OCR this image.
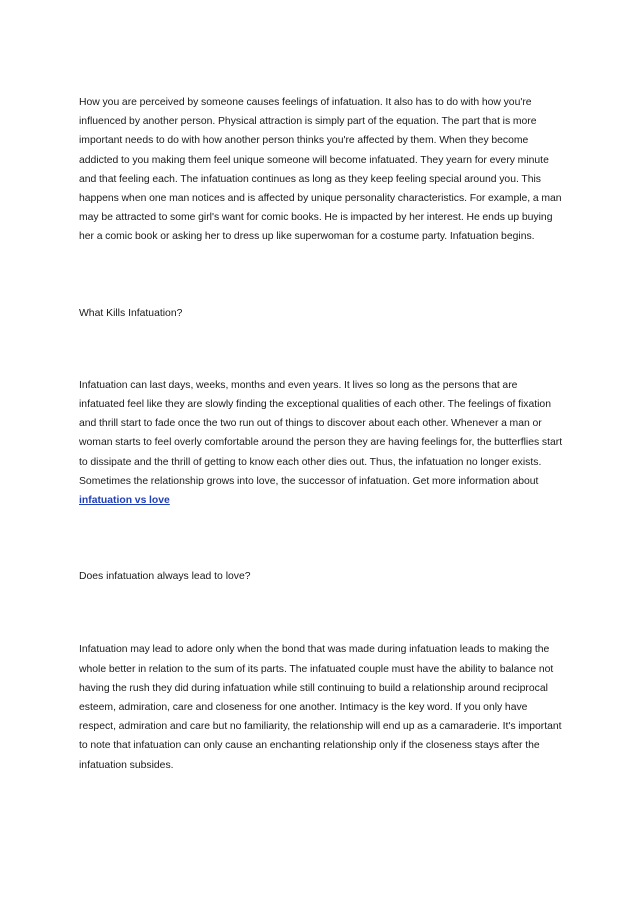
How you are perceived by someone causes feelings of infatuation. It also has to do with how you're influenced by another person. Physical attraction is simply part of the equation. The part that is more important needs to do with how another person thinks you're affected by them. When they become addicted to you making them feel unique someone will become infatuated. They yearn for every minute and that feeling each. The infatuation continues as long as they keep feeling special around you. This happens when one man notices and is affected by unique personality characteristics. For example, a man may be attracted to some girl's want for comic books. He is impacted by her interest. He ends up buying her a comic book or asking her to dress up like superwoman for a costume party. Infatuation begins.

What Kills Infatuation?

Infatuation can last days, weeks, months and even years. It lives so long as the persons that are infatuated feel like they are slowly finding the exceptional qualities of each other. The feelings of fixation and thrill start to fade once the two run out of things to discover about each other. Whenever a man or woman starts to feel overly comfortable around the person they are having feelings for, the butterflies start to dissipate and the thrill of getting to know each other dies out. Thus, the infatuation no longer exists. Sometimes the relationship grows into love, the successor of infatuation. Get more information about infatuation vs love

Does infatuation always lead to love?

Infatuation may lead to adore only when the bond that was made during infatuation leads to making the whole better in relation to the sum of its parts. The infatuated couple must have the ability to balance not having the rush they did during infatuation while still continuing to build a relationship around reciprocal esteem, admiration, care and closeness for one another. Intimacy is the key word. If you only have respect, admiration and care but no familiarity, the relationship will end up as a camaraderie. It's important to note that infatuation can only cause an enchanting relationship only if the closeness stays after the infatuation subsides.
